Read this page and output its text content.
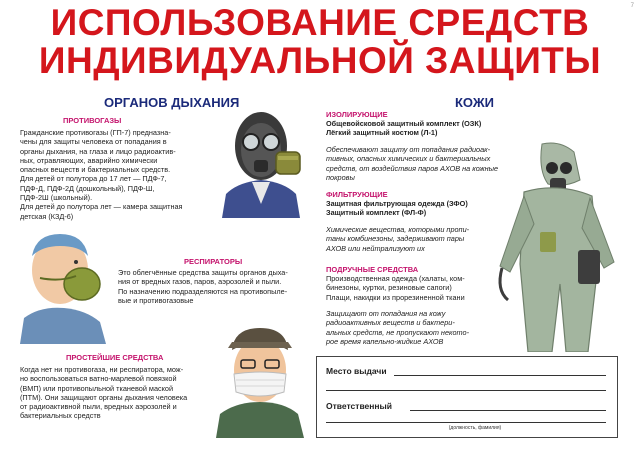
7
ИСПОЛЬЗОВАНИЕ СРЕДСТВ
ИНДИВИДУАЛЬНОЙ ЗАЩИТЫ
ОРГАНОВ ДЫХАНИЯ
ПРОТИВОГАЗЫ

Гражданские противогазы (ГП-7) предназна-

чены для защиты человека от попадания в

органы дыхания, на глаза и лицо радиоактив-

ных, отравляющих, аварийно химически

опасных веществ и бактериальных средств.

Для детей от полутора до 17 лет — ПДФ-7,

ПДФ-Д, ПДФ-2Д (дошкольный), ПДФ-Ш,

ПДФ-2Ш (школьный).

Для детей до полутора лет — камера защитная

детская (КЗД-6)

РЕСПИРАТОРЫ

Это облегчённые средства защиты органов дыха-

ния от вредных газов, паров, аэрозолей и пыли.

По назначению подразделяются на противопыле-

вые и противогазовые

ПРОСТЕЙШИЕ СРЕДСТВА

Когда нет ни противогаза, ни респиратора, мож-

но воспользоваться ватно-марлевой повязкой

(ВМП) или противопыльной тканевой маской

(ПТМ). Они защищают органы дыхания человека

от радиоактивной пыли, вредных аэрозолей и

бактериальных средств

КОЖИ
ИЗОЛИРУЮЩИЕ

Общевойсковой защитный комплект (ОЗК)

Лёгкий защитный костюм (Л-1)

Обеспечивают защиту от попадания радиоак-

тивных, опасных химических и бактериальных

средств, от воздействия паров АХОВ на кожные

покровы

ФИЛЬТРУЮЩИЕ

Защитная фильтрующая одежда (ЗФО)

Защитный комплект (ФЛ-Ф)

Химические вещества, которыми пропи-

таны комбинезоны, задерживают пары

АХОВ или нейтрализуют их

ПОДРУЧНЫЕ СРЕДСТВА

Производственная одежда (халаты, ком-

бинезоны, куртки, резиновые сапоги)

Плащи, накидки из прорезиненной ткани

Защищают от попадания на кожу

радиоактивных веществ и бактери-

альных средств, не пропускают некото-

рое время капельно-жидкие АХОВ

Место выдачи
Ответственный
(должность, фамилия)
